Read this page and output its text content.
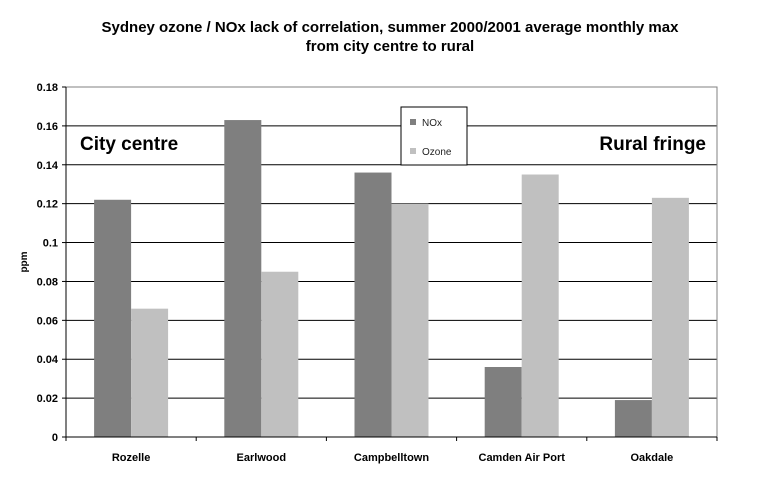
Sydney ozone / NOx lack of correlation, summer 2000/2001 average monthly max
from city centre to rural
0
0.02
0.04
0.06
0.08
0.1
0.12
0.14
0.16
0.18
Rozelle	Earlwood	Campbelltown	Camden Air Port	Oakdale
ppm
City centre	Rural fringe
NOx
Ozone
